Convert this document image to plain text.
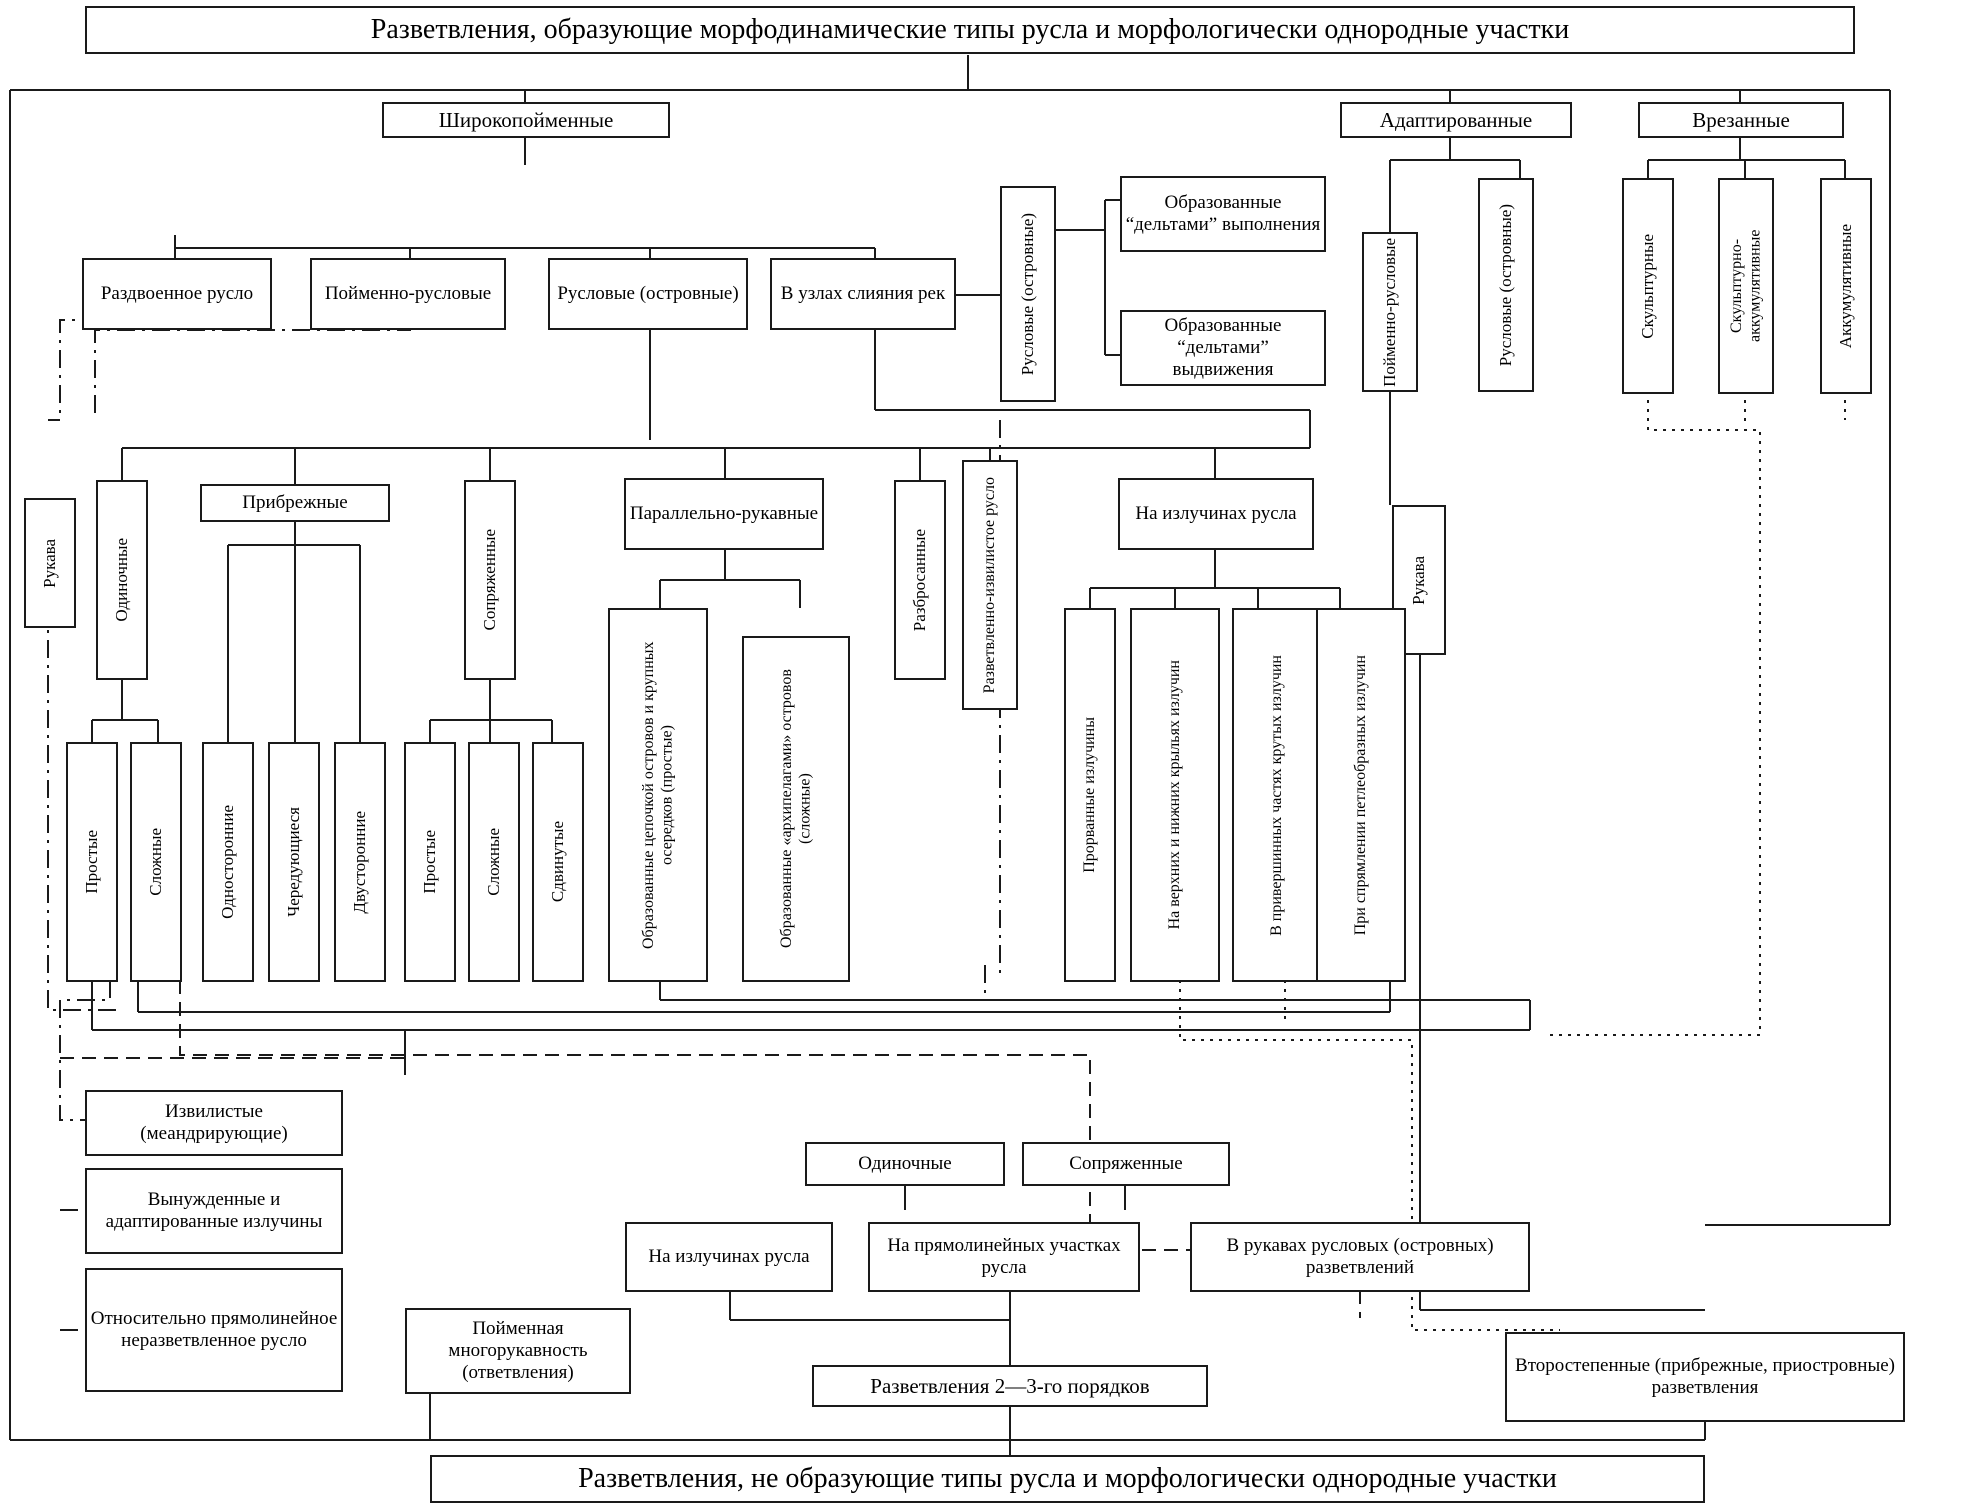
Разветвления, образующие морфодинамические типы русла и морфологически однородные участки
Разветвления, не образующие типы русла и морфологически однородные участки
Широкопойменные	Адаптированные	Врезанные
Раздвоенное русло	Пойменно-русловые	Русловые (островные) В узлах слияния рек	Русловые (островные)
Образованные “дельтами” выполнения
Образованные “дельтами” выдвижения	Пойменно-русловые	Русловые (островные)
Рукава
Скульптурные	Скульптурно-аккумулятивные	Аккумулятивные
Рукава	Одиночные
Прибрежные
Сопряженные
Параллельно-рукавные
Разбросанные	Разветвленно-извилистое русло	На излучинах русла
Простые	Сложные	Односторонние	Чередующиеся	Двусторонние	Простые	Сложные	Сдвинутые	Образованные цепочкой островов и крупных осередков (простые)	Образованные «архипелагами» островов (сложные)	Прорванные излучины	На верхних и нижних крыльях излучин	В привершинных частях крутых излучин	При спрямлении петлеобразных излучин
Извилистые (меандрирующие)
Вынужденные и адаптированные излучины
Относительно прямолинейное неразветвленное русло
Одиночные	Сопряженные
На излучинах русла
На прямолинейных участках русла
В рукавах русловых (островных) разветвлений
Пойменная многорукавность (ответвления)
Разветвления 2—3-го порядков
Второстепенные (прибрежные, приостровные) разветвления
